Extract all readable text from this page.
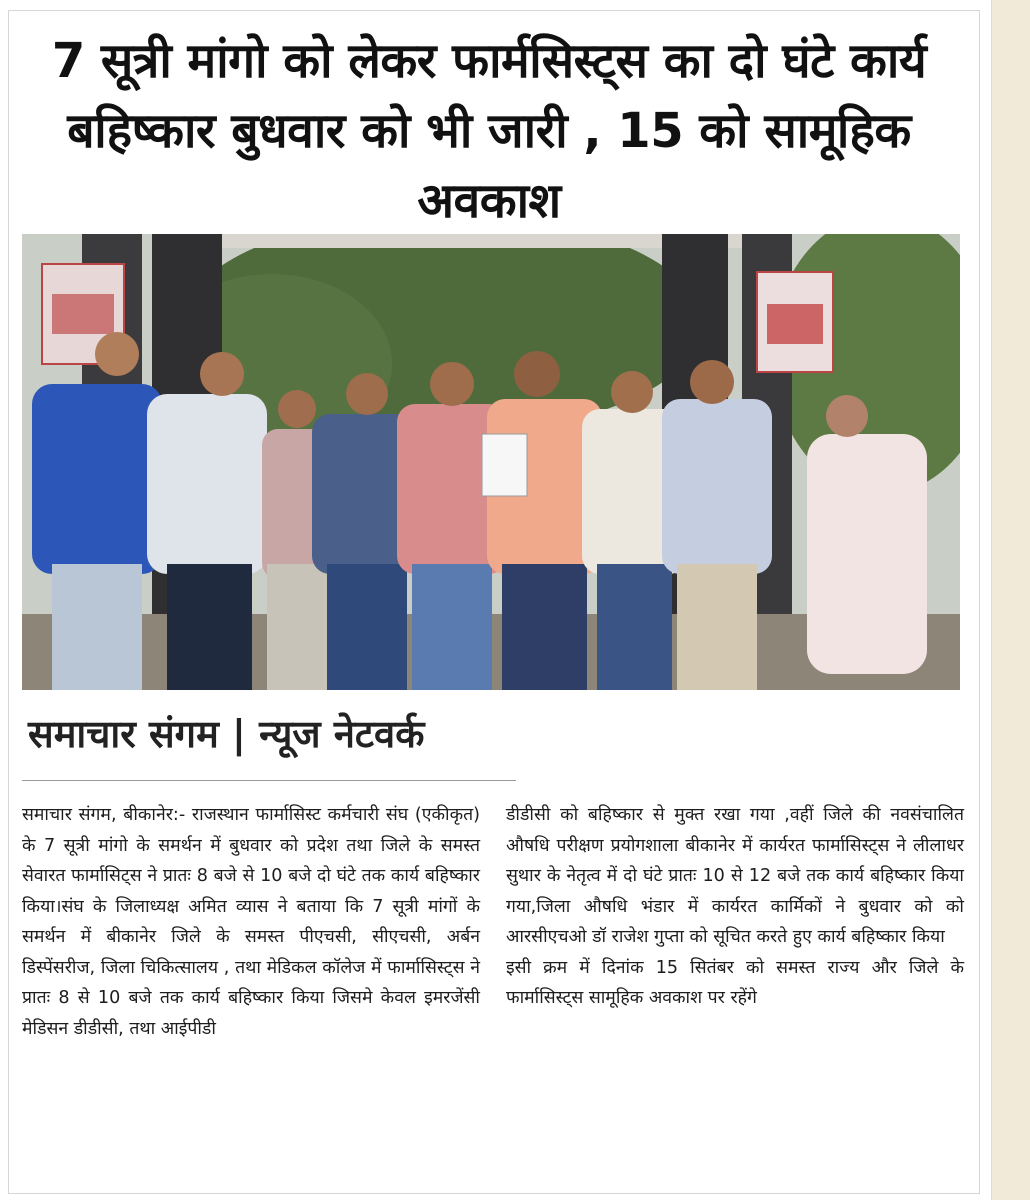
7 सूत्री मांगो को लेकर फार्मसिस्ट्स का दो घंटे कार्य बहिष्कार बुधवार को भी जारी , 15 को सामूहिक अवकाश
समाचार संगम | न्यूज नेटवर्क

समाचार संगम, बीकानेर:- राजस्थान फार्मासिस्ट कर्मचारी संघ (एकीकृत) के 7 सूत्री मांगो के समर्थन में बुधवार को प्रदेश तथा जिले के समस्त सेवारत फार्मासिट्स ने प्रातः 8 बजे से 10 बजे दो घंटे तक कार्य बहिष्कार किया।संघ के जिलाध्यक्ष अमित व्यास ने बताया कि 7 सूत्री मांगों के समर्थन में बीकानेर जिले के समस्त पीएचसी, सीएचसी, अर्बन डिस्पेंसरीज, जिला चिकित्सालय , तथा मेडिकल कॉलेज में फार्मासिस्ट्स ने प्रातः 8 से 10 बजे तक कार्य बहिष्कार किया जिसमे केवल इमरजेंसी मेडिसन डीडीसी, तथा आईपीडी

डीडीसी को बहिष्कार से मुक्त रखा गया ,वहीं जिले की नवसंचालित औषधि परीक्षण प्रयोगशाला बीकानेर में कार्यरत फार्मासिस्ट्स ने लीलाधर सुथार के नेतृत्व में दो घंटे प्रातः 10 से 12 बजे तक कार्य बहिष्कार किया गया,जिला औषधि भंडार में कार्यरत कार्मिकों ने बुधवार को को आरसीएचओ डॉ राजेश गुप्ता को सूचित करते हुए कार्य बहिष्कार किया

इसी क्रम में दिनांक 15 सितंबर को समस्त राज्य और जिले के फार्मासिस्ट्स सामूहिक अवकाश पर रहेंगे
